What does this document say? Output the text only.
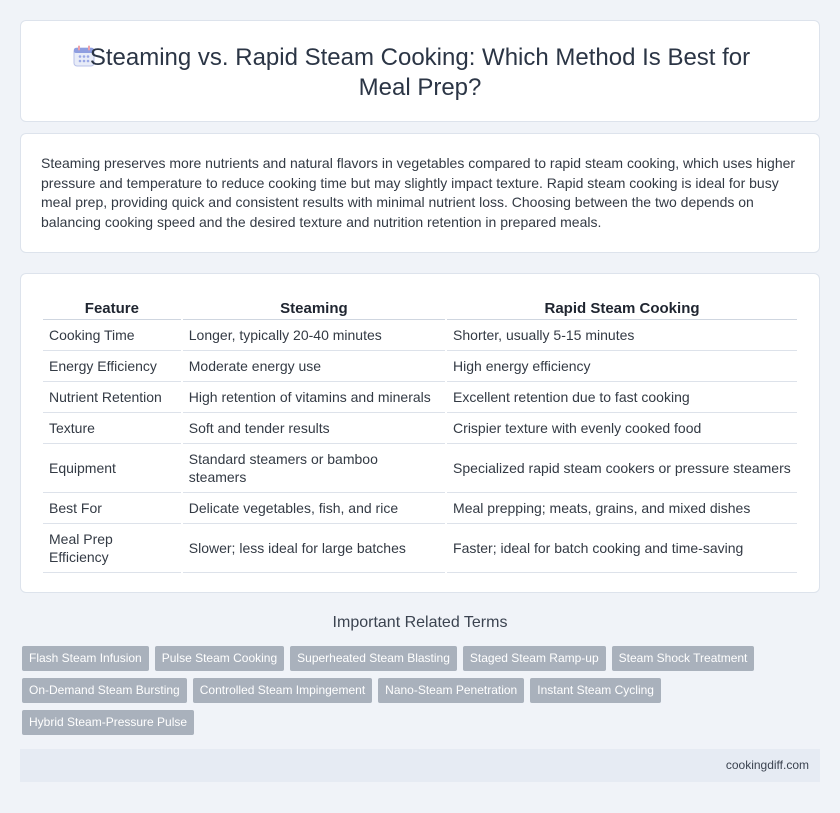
Steaming vs. Rapid Steam Cooking: Which Method Is Best for Meal Prep?

Steaming preserves more nutrients and natural flavors in vegetables compared to rapid steam cooking, which uses higher pressure and temperature to reduce cooking time but may slightly impact texture. Rapid steam cooking is ideal for busy meal prep, providing quick and consistent results with minimal nutrient loss. Choosing between the two depends on balancing cooking speed and the desired texture and nutrition retention in prepared meals.

Feature	Steaming	Rapid Steam Cooking
Cooking Time	Longer, typically 20-40 minutes	Shorter, usually 5-15 minutes
Energy Efficiency	Moderate energy use	High energy efficiency
Nutrient Retention	High retention of vitamins and minerals	Excellent retention due to fast cooking
Texture	Soft and tender results	Crispier texture with evenly cooked food
Equipment	Standard steamers or bamboo steamers	Specialized rapid steam cookers or pressure steamers
Best For	Delicate vegetables, fish, and rice	Meal prepping; meats, grains, and mixed dishes
Meal Prep Efficiency	Slower; less ideal for large batches	Faster; ideal for batch cooking and time-saving
Important Related Terms
Flash Steam Infusion	Pulse Steam Cooking	Superheated Steam Blasting	Staged Steam Ramp-up	Steam Shock Treatment
On-Demand Steam Bursting	Controlled Steam Impingement	Nano-Steam Penetration	Instant Steam Cycling
Hybrid Steam-Pressure Pulse
cookingdiff.com
